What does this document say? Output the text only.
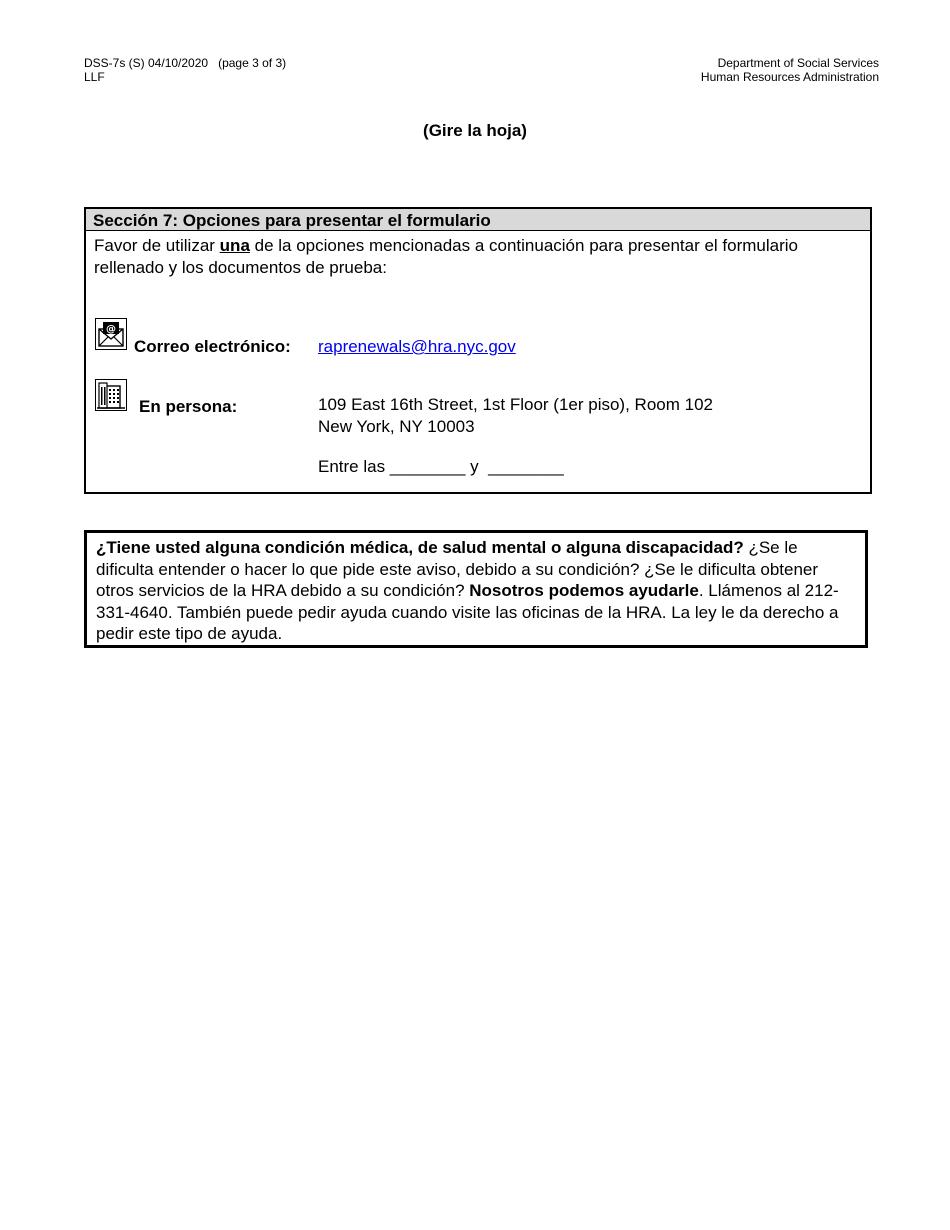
DSS-7s (S) 04/10/2020   (page 3 of 3)
LLF
Department of Social Services
Human Resources Administration
(Gire la hoja)
Sección 7: Opciones para presentar el formulario
Favor de utilizar una de la opciones mencionadas a continuación para presentar el formulario rellenado y los documentos de prueba:
@
Correo electrónico: raprenewals@hra.nyc.gov
En persona:	109 East 16th Street, 1st Floor (1er piso), Room 102
New York, NY 10003
Entre las ________ y  ________
¿Tiene usted alguna condición médica, de salud mental o alguna discapacidad? ¿Se le dificulta entender o hacer lo que pide este aviso, debido a su condición? ¿Se le dificulta obtener otros servicios de la HRA debido a su condición? Nosotros podemos ayudarle. Llámenos al 212-331-4640. También puede pedir ayuda cuando visite las oficinas de la HRA. La ley le da derecho a pedir este tipo de ayuda.
